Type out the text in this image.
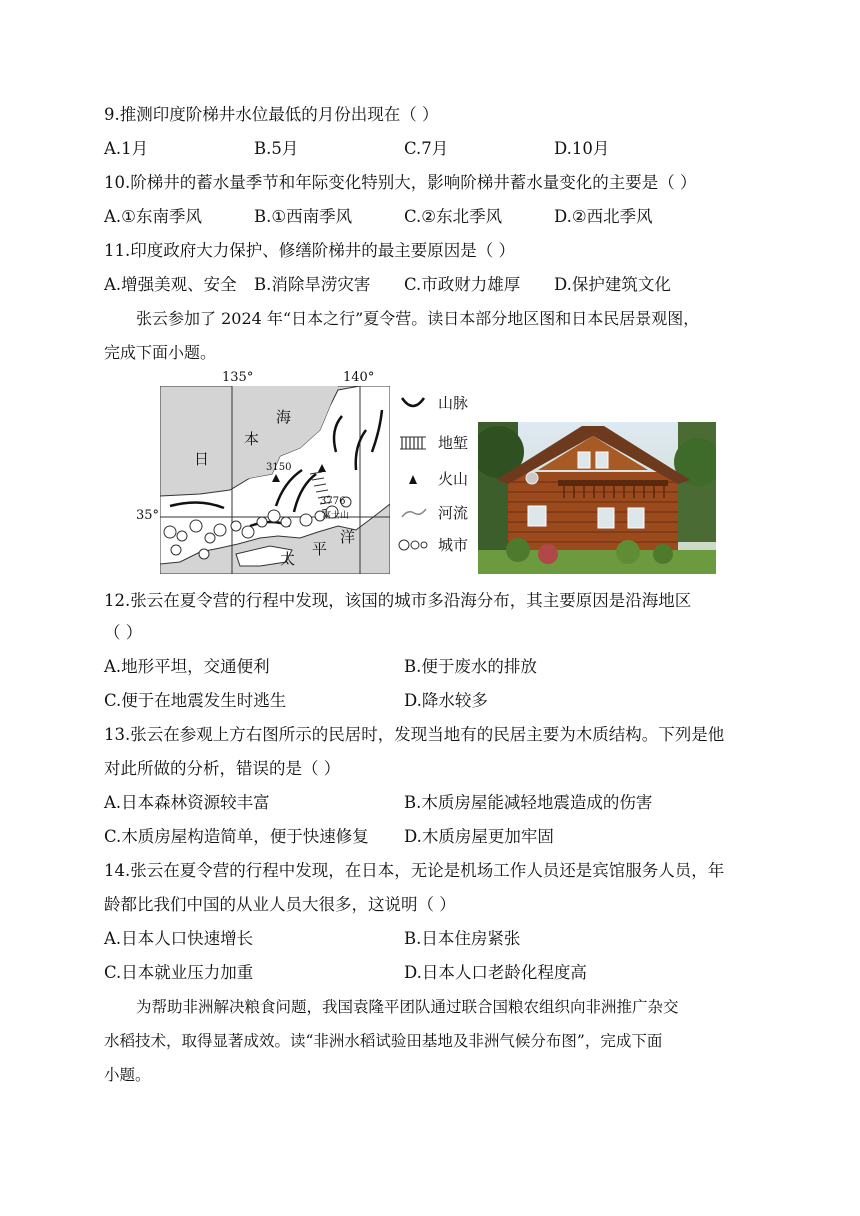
9.推测印度阶梯井水位最低的月份出现在（ ）
A.1月	B.5月	C.7月	D.10月
10.阶梯井的蓄水量季节和年际变化特别大，影响阶梯井蓄水量变化的主要是（ ）
A.①东南季风	B.①西南季风	C.②东北季风	D.②西北季风
11.印度政府大力保护、修缮阶梯井的最主要原因是（ ）
A.增强美观、安全 B.消除旱涝灾害 C.市政财力雄厚 D.保护建筑文化
张云参加了 2024 年“日本之行”夏令营。读日本部分地区图和日本民居景观图，
完成下面小题。
135°	140°
35°
日
本
海
太
平
洋
3150
3776
富士山
山脉
地堑
火山
河流
城市
12.张云在夏令营的行程中发现，该国的城市多沿海分布，其主要原因是沿海地区
（ ）
A.地形平坦，交通便利	B.便于废水的排放
C.便于在地震发生时逃生	D.降水较多
13.张云在参观上方右图所示的民居时，发现当地有的民居主要为木质结构。下列是他
对此所做的分析，错误的是（ ）
A.日本森林资源较丰富	B.木质房屋能减轻地震造成的伤害
C.木质房屋构造简单，便于快速修复 D.木质房屋更加牢固
14.张云在夏令营的行程中发现，在日本，无论是机场工作人员还是宾馆服务人员，年
龄都比我们中国的从业人员大很多，这说明（ ）
A.日本人口快速增长	B.日本住房紧张
C.日本就业压力加重	D.日本人口老龄化程度高
为帮助非洲解决粮食问题，我国袁隆平团队通过联合国粮农组织向非洲推广杂交
水稻技术，取得显著成效。读“非洲水稻试验田基地及非洲气候分布图”，完成下面
小题。
